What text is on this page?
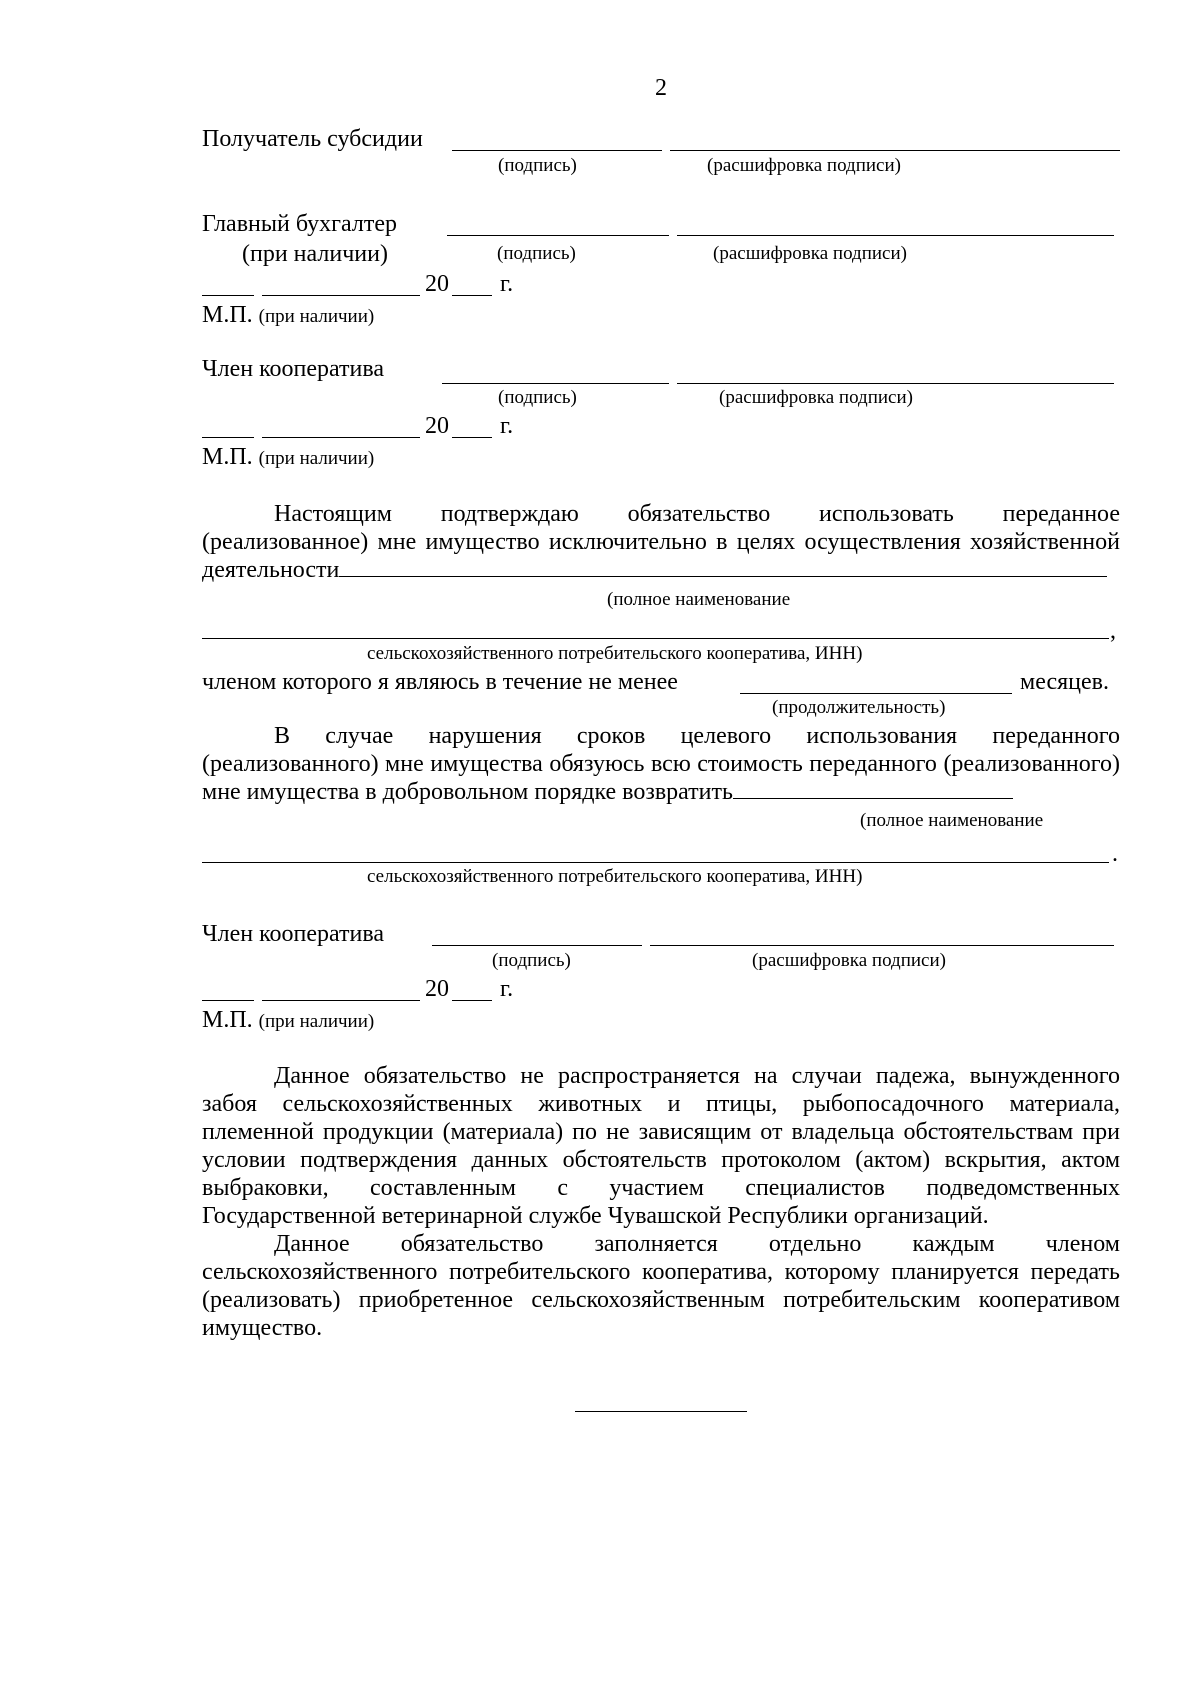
2
Получатель субсидии
(подпись)	(расшифровка подписи)
Главный бухгалтер
(при наличии)	(подпись)	(расшифровка подписи)
20 г.
М.П. (при наличии)
Член кооператива
(подпись)	(расшифровка подписи)
20 г.
М.П. (при наличии)

Настоящим подтверждаю обязательство использовать переданное (реализованное) мне имущество исключительно в целях осуществления хозяйственной деятельности

(полное наименование
,
сельскохозяйственного потребительского кооператива, ИНН)
членом которого я являюсь в течение не менее	месяцев.
(продолжительность)

В случае нарушения сроков целевого использования переданного (реализованного) мне имущества обязуюсь всю стоимость переданного (реализованного) мне имущества в добровольном порядке возвратить

(полное наименование
.
сельскохозяйственного потребительского кооператива, ИНН)
Член кооператива
(подпись)	(расшифровка подписи)
20 г.
М.П. (при наличии)

Данное обязательство не распространяется на случаи падежа, вынужденного забоя сельскохозяйственных животных и птицы, рыбопосадочного материала, племенной продукции (материала) по не зависящим от владельца обстоятельствам при условии подтверждения данных обстоятельств протоколом (актом) вскрытия, актом выбраковки, составленным с участием специалистов подведомственных Государственной ветеринарной службе Чувашской Республики организаций.

Данное обязательство заполняется отдельно каждым членом сельскохозяйственного потребительского кооператива, которому планируется передать (реализовать) приобретенное сельскохозяйственным потребительским кооперативом имущество.
